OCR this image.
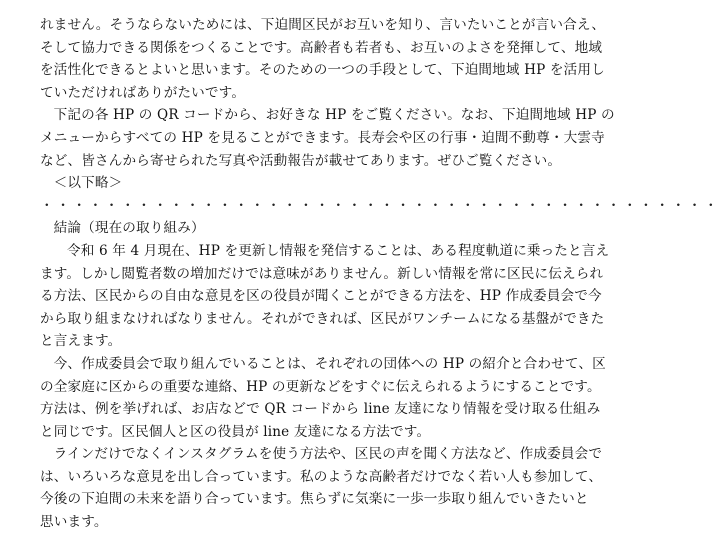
れません。そうならないためには、下迫間区民がお互いを知り、言いたいことが言い合え、
そして協力できる関係をつくることです。高齢者も若者も、お互いのよさを発揮して、地域
を活性化できるとよいと思います。そのための一つの手段として、下迫間地域 HP を活用し
ていただければありがたいです。
下記の各 HP の QR コードから、お好きな HP をご覧ください。なお、下迫間地域 HP の
メニューからすべての HP を見ることができます。長寿会や区の行事・迫間不動尊・大雲寺
など、皆さんから寄せられた写真や活動報告が載せてあります。ぜひご覧ください。
＜以下略＞
・・・・・・・・・・・・・・・・・・・・・・・・・・・・・・・・・・・・・・・・・・
結論（現在の取り組み）
令和 6 年 4 月現在、HP を更新し情報を発信することは、ある程度軌道に乗ったと言え
ます。しかし閲覧者数の増加だけでは意味がありません。新しい情報を常に区民に伝えられ
る方法、区民からの自由な意見を区の役員が聞くことができる方法を、HP 作成委員会で今
から取り組まなければなりません。それができれば、区民がワンチームになる基盤ができた
と言えます。
今、作成委員会で取り組んでいることは、それぞれの団体への HP の紹介と合わせて、区
の全家庭に区からの重要な連絡、HP の更新などをすぐに伝えられるようにすることです。
方法は、例を挙げれば、お店などで QR コードから line 友達になり情報を受け取る仕組み
と同じです。区民個人と区の役員が line 友達になる方法です。
ラインだけでなくインスタグラムを使う方法や、区民の声を聞く方法など、作成委員会で
は、いろいろな意見を出し合っています。私のような高齢者だけでなく若い人も参加して、
今後の下迫間の未来を語り合っています。焦らずに気楽に一歩一歩取り組んでいきたいと
思います。
